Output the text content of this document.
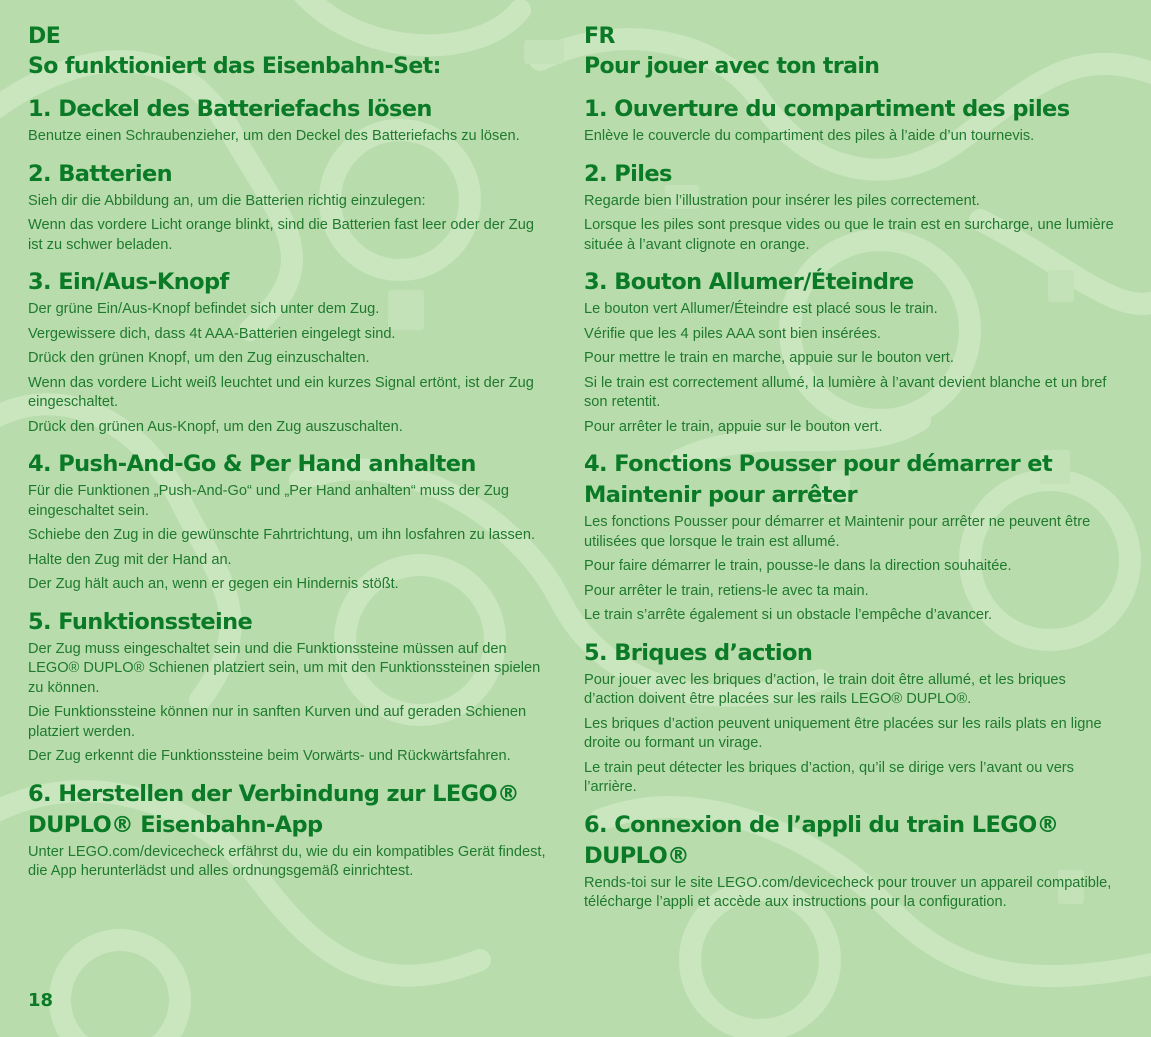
DE
So funktioniert das Eisenbahn-Set:
1. Deckel des Batteriefachs lösen

Benutze einen Schraubenzieher, um den Deckel des Batteriefachs zu lösen.

2. Batterien

Sieh dir die Abbildung an, um die Batterien richtig einzulegen:

Wenn das vordere Licht orange blinkt, sind die Batterien fast leer oder der Zug ist zu schwer beladen.

3. Ein/Aus-Knopf

Der grüne Ein/Aus-Knopf befindet sich unter dem Zug.

Vergewissere dich, dass 4t AAA-Batterien eingelegt sind.

Drück den grünen Knopf, um den Zug einzuschalten.

Wenn das vordere Licht weiß leuchtet und ein kurzes Signal ertönt, ist der Zug eingeschaltet.

Drück den grünen Aus-Knopf, um den Zug auszuschalten.

4. Push-And-Go & Per Hand anhalten

Für die Funktionen „Push-And-Go“ und „Per Hand anhalten“ muss der Zug eingeschaltet sein.

Schiebe den Zug in die gewünschte Fahrtrichtung, um ihn losfahren zu lassen.

Halte den Zug mit der Hand an.

Der Zug hält auch an, wenn er gegen ein Hindernis stößt.

5. Funktionssteine

Der Zug muss eingeschaltet sein und die Funktionssteine müssen auf den LEGO® DUPLO® Schienen platziert sein, um mit den Funktionssteinen spielen zu können.

Die Funktionssteine können nur in sanften Kurven und auf geraden Schienen platziert werden.

Der Zug erkennt die Funktionssteine beim Vorwärts- und Rückwärtsfahren.

6. Herstellen der Verbindung zur LEGO® DUPLO® Eisenbahn-App

Unter LEGO.com/devicecheck erfährst du, wie du ein kompatibles Gerät findest, die App herunterlädst und alles ordnungsgemäß einrichtest.

FR
Pour jouer avec ton train
1. Ouverture du compartiment des piles

Enlève le couvercle du compartiment des piles à l’aide d’un tournevis.

2. Piles

Regarde bien l’illustration pour insérer les piles correctement.

Lorsque les piles sont presque vides ou que le train est en surcharge, une lumière située à l’avant clignote en orange.

3. Bouton Allumer/Éteindre

Le bouton vert Allumer/Éteindre est placé sous le train.

Vérifie que les 4 piles AAA sont bien insérées.

Pour mettre le train en marche, appuie sur le bouton vert.

Si le train est correctement allumé, la lumière à l’avant devient blanche et un bref son retentit.

Pour arrêter le train, appuie sur le bouton vert.

4. Fonctions Pousser pour démarrer et Maintenir pour arrêter

Les fonctions Pousser pour démarrer et Maintenir pour arrêter ne peuvent être utilisées que lorsque le train est allumé.

Pour faire démarrer le train, pousse-le dans la direction souhaitée.

Pour arrêter le train, retiens-le avec ta main.

Le train s’arrête également si un obstacle l’empêche d’avancer.

5. Briques d’action

Pour jouer avec les briques d’action, le train doit être allumé, et les briques d’action doivent être placées sur les rails LEGO® DUPLO®.

Les briques d’action peuvent uniquement être placées sur les rails plats en ligne droite ou formant un virage.

Le train peut détecter les briques d’action, qu’il se dirige vers l’avant ou vers l’arrière.

6. Connexion de l’appli du train LEGO® DUPLO®

Rends-toi sur le site LEGO.com/devicecheck pour trouver un appareil compatible, télécharge l’appli et accède aux instructions pour la configuration.

18
